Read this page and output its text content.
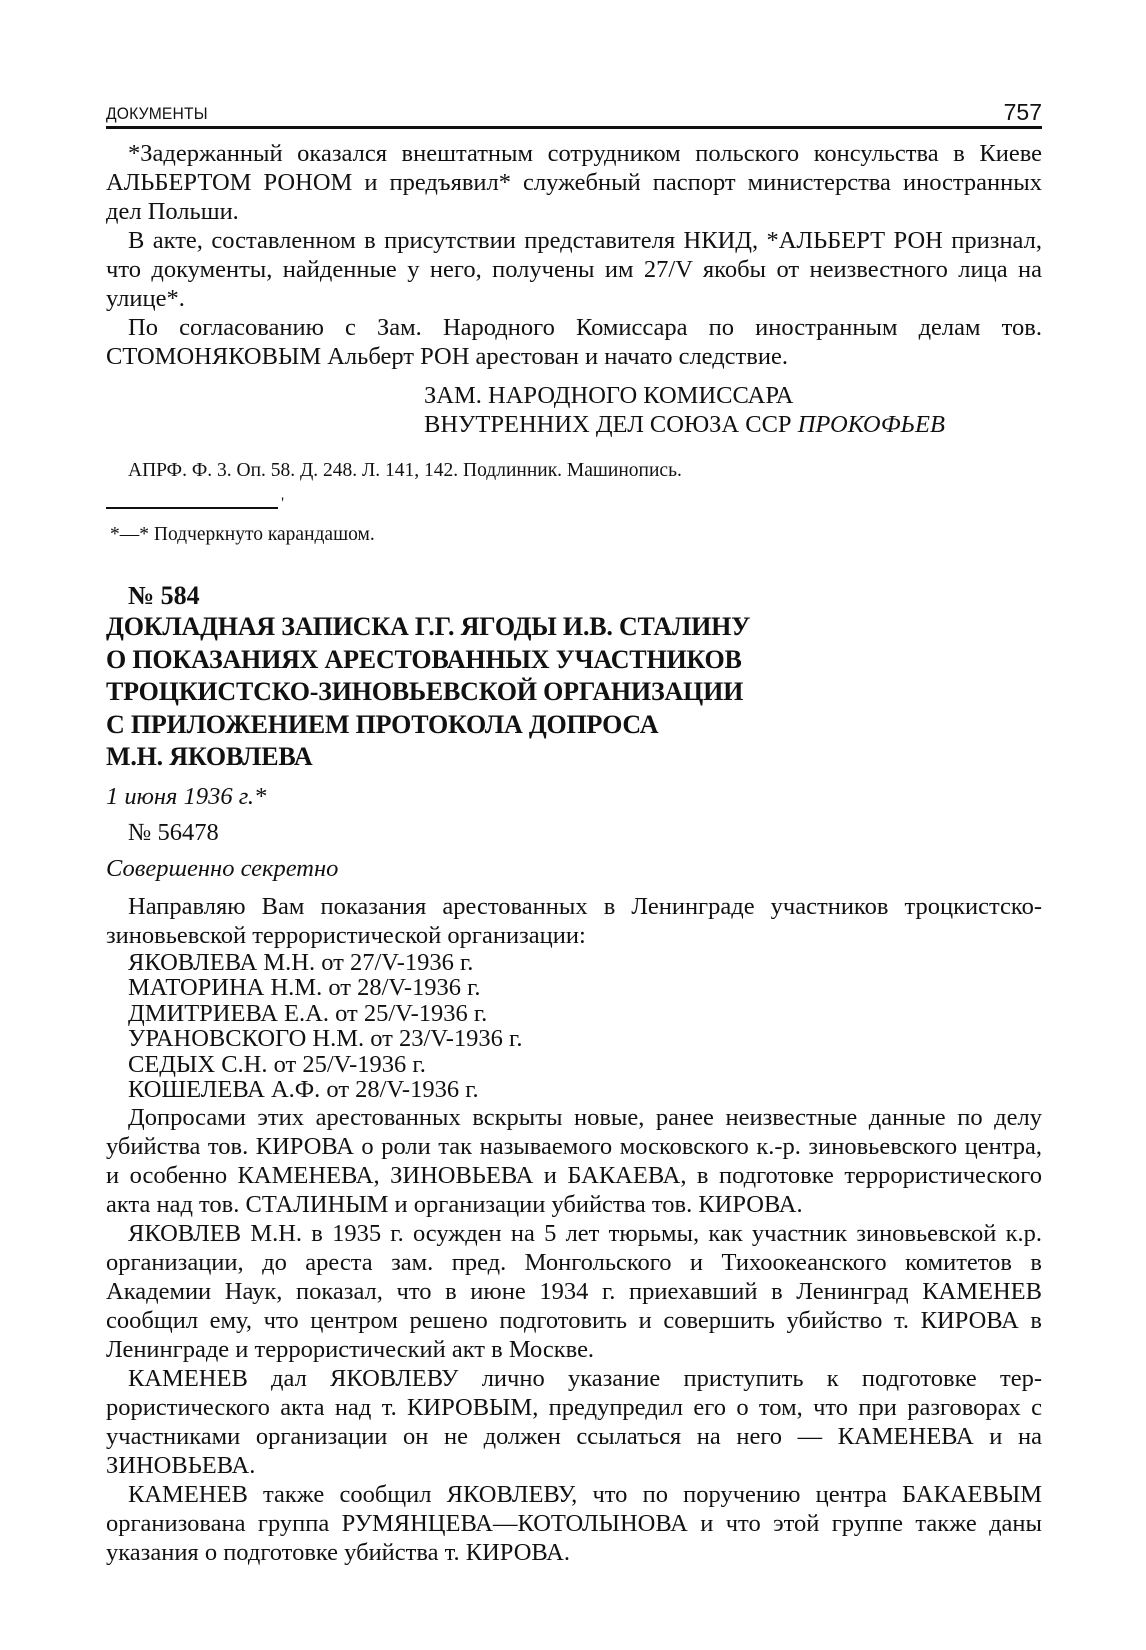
ДОКУМЕНТЫ	757

*Задержанный оказался внештатным сотрудником польского консульства в Киеве АЛЬБЕРТОМ РОНОМ и предъявил* служебный паспорт министерства иностранных дел Польши.

В акте, составленном в присутствии представителя НКИД, *АЛЬБЕРТ РОН признал, что документы, найденные у него, получены им 27/V якобы от неизвестного лица на улице*.

По согласованию с Зам. Народного Комиссара по иностранным делам тов. СТОМОНЯКОВЫМ Альберт РОН арестован и начато следствие.

ЗАМ. НАРОДНОГО КОМИССАРА
ВНУТРЕННИХ ДЕЛ СОЮЗА ССР ПРОКОФЬЕВ
АПРФ. Ф. 3. Оп. 58. Д. 248. Л. 141, 142. Подлинник. Машинопись.
'
*—* Подчеркнуто карандашом.
№ 584

ДОКЛАДНАЯ ЗАПИСКА Г.Г. ЯГОДЫ И.В. СТАЛИНУ

О ПОКАЗАНИЯХ АРЕСТОВАННЫХ УЧАСТНИКОВ

ТРОЦКИСТСКО-ЗИНОВЬЕВСКОЙ ОРГАНИЗАЦИИ

С ПРИЛОЖЕНИЕМ ПРОТОКОЛА ДОПРОСА

М.Н. ЯКОВЛЕВА

1 июня 1936 г.*
№ 56478
Совершенно секретно

Направляю Вам показания арестованных в Ленинграде участников троцкистско-зиновьевской террористической организации:

ЯКОВЛЕВА М.Н. от 27/V-1936 г.
МАТОРИНА Н.М. от 28/V-1936 г.
ДМИТРИЕВА Е.А. от 25/V-1936 г.
УРАНОВСКОГО Н.М. от 23/V-1936 г.
СЕДЫХ С.Н. от 25/V-1936 г.
КОШЕЛЕВА А.Ф. от 28/V-1936 г.

Допросами этих арестованных вскрыты новые, ранее неизвестные данные по делу убийства тов. КИРОВА о роли так называемого московского к.-р. зиновьевского центра, и особенно КАМЕНЕВА, ЗИНОВЬЕВА и БАКАЕВА, в подготовке террористического акта над тов. СТАЛИНЫМ и организации убийства тов. КИРОВА.

ЯКОВЛЕВ М.Н. в 1935 г. осужден на 5 лет тюрьмы, как участник зиновьевской к.р. организации, до ареста зам. пред. Монгольского и Тихоокеанского комитетов в Академии Наук, показал, что в июне 1934 г. приехавший в Ленинград КАМЕНЕВ сообщил ему, что центром решено подготовить и совершить убийство т. КИРОВА в Ленинграде и террористический акт в Москве.

КАМЕНЕВ дал ЯКОВЛЕВУ лично указание приступить к подготовке террористического акта над т. КИРОВЫМ, предупредил его о том, что при разговорах с участниками организации он не должен ссылаться на него — КАМЕНЕВА и на ЗИНОВЬЕВА.

КАМЕНЕВ также сообщил ЯКОВЛЕВУ, что по поручению центра БАКАЕВЫМ организована группа РУМЯНЦЕВА—КОТОЛЫНОВА и что этой группе также даны указания о подготовке убийства т. КИРОВА.
